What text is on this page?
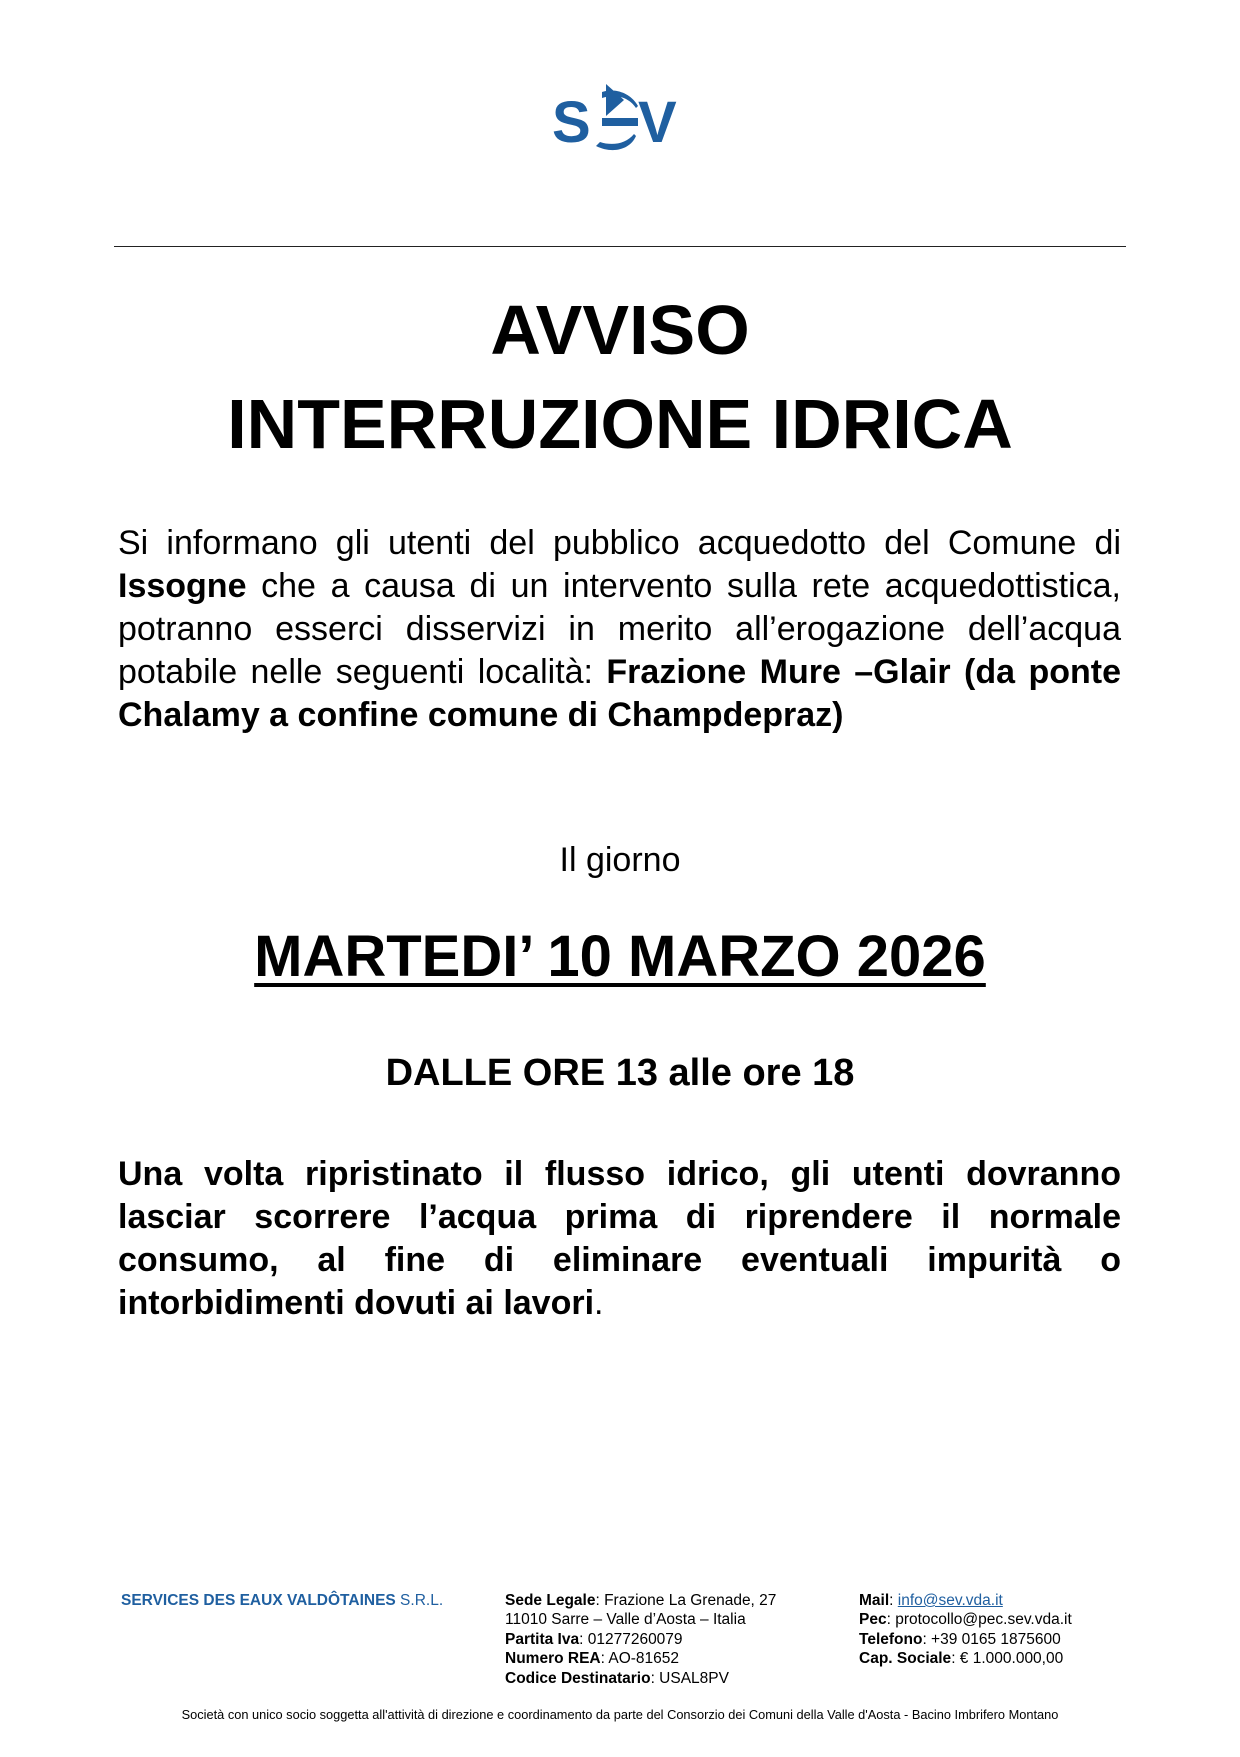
S V
AVVISO
INTERRUZIONE IDRICA
Si informano gli utenti del pubblico acquedotto del Comune di Issogne che a causa di un intervento sulla rete acquedottistica, potranno esserci disservizi in merito all’erogazione dell’acqua potabile nelle seguenti località: Frazione Mure –Glair (da ponte Chalamy a confine comune di Champdepraz)
Il giorno
MARTEDI’ 10 MARZO 2026
DALLE ORE 13 alle ore 18
Una volta ripristinato il flusso idrico, gli utenti dovranno lasciar scorrere l’acqua prima di riprendere il normale consumo, al fine di eliminare eventuali impurità o intorbidimenti dovuti ai lavori.
SERVICES DES EAUX VALDÔTAINES S.R.L.	Sede Legale: Frazione La Grenade, 27
11010 Sarre – Valle d’Aosta – Italia
Partita Iva: 01277260079
Numero REA: AO-81652
Codice Destinatario: USAL8PV
Mail: info@sev.vda.it
Pec: protocollo@pec.sev.vda.it
Telefono: +39 0165 1875600
Cap. Sociale: € 1.000.000,00
Società con unico socio soggetta all'attività di direzione e coordinamento da parte del Consorzio dei Comuni della Valle d'Aosta - Bacino Imbrifero Montano
